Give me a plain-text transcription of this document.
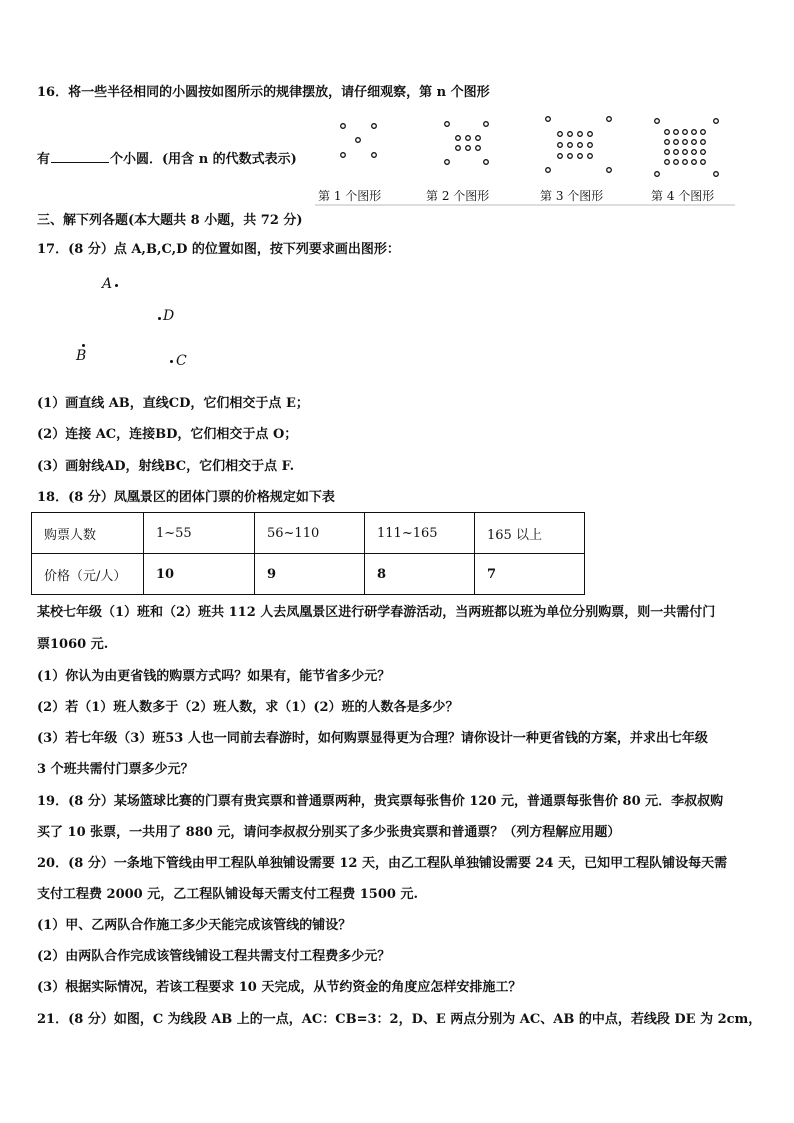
16．将一些半径相同的小圆按如图所示的规律摆放，请仔细观察，第 n 个图形
有	个小圆．(用含 n 的代数式表示)
第 1 个图形	第 2 个图形	第 3 个图形	第 4 个图形
三、解下列各题(本大题共 8 小题，共 72 分)
17．(8 分）点 A,B,C,D 的位置如图，按下列要求画出图形：
A
D
B	C
(1）画直线 AB，直线CD，它们相交于点 E；
(2）连接 AC，连接BD，它们相交于点 O；
(3）画射线AD，射线BC，它们相交于点 F.
18．(8 分）凤凰景区的团体门票的价格规定如下表
购票人数	1~55	56~110	111~165	165 以上
价格（元/人）	10	9	8	7
某校七年级（1）班和（2）班共 112 人去凤凰景区进行研学春游活动，当两班都以班为单位分别购票，则一共需付门
票1060 元.
(1）你认为由更省钱的购票方式吗？如果有，能节省多少元？
(2）若（1）班人数多于（2）班人数，求（1）(2）班的人数各是多少？
(3）若七年级（3）班53 人也一同前去春游时，如何购票显得更为合理？请你设计一种更省钱的方案，并求出七年级
3 个班共需付门票多少元？
19．(8 分）某场篮球比赛的门票有贵宾票和普通票两种，贵宾票每张售价 120 元，普通票每张售价 80 元．李叔叔购
买了 10 张票，一共用了 880 元，请问李叔叔分别买了多少张贵宾票和普通票？（列方程解应用题）
20．(8 分）一条地下管线由甲工程队单独铺设需要 12 天，由乙工程队单独铺设需要 24 天，已知甲工程队铺设每天需
支付工程费 2000 元，乙工程队铺设每天需支付工程费 1500 元.
(1）甲、乙两队合作施工多少天能完成该管线的铺设？
(2）由两队合作完成该管线铺设工程共需支付工程费多少元？
(3）根据实际情况，若该工程要求 10 天完成，从节约资金的角度应怎样安排施工？
21．(8 分）如图，C 为线段 AB 上的一点，AC：CB=3：2，D、E 两点分别为 AC、AB 的中点，若线段 DE 为 2cm，
